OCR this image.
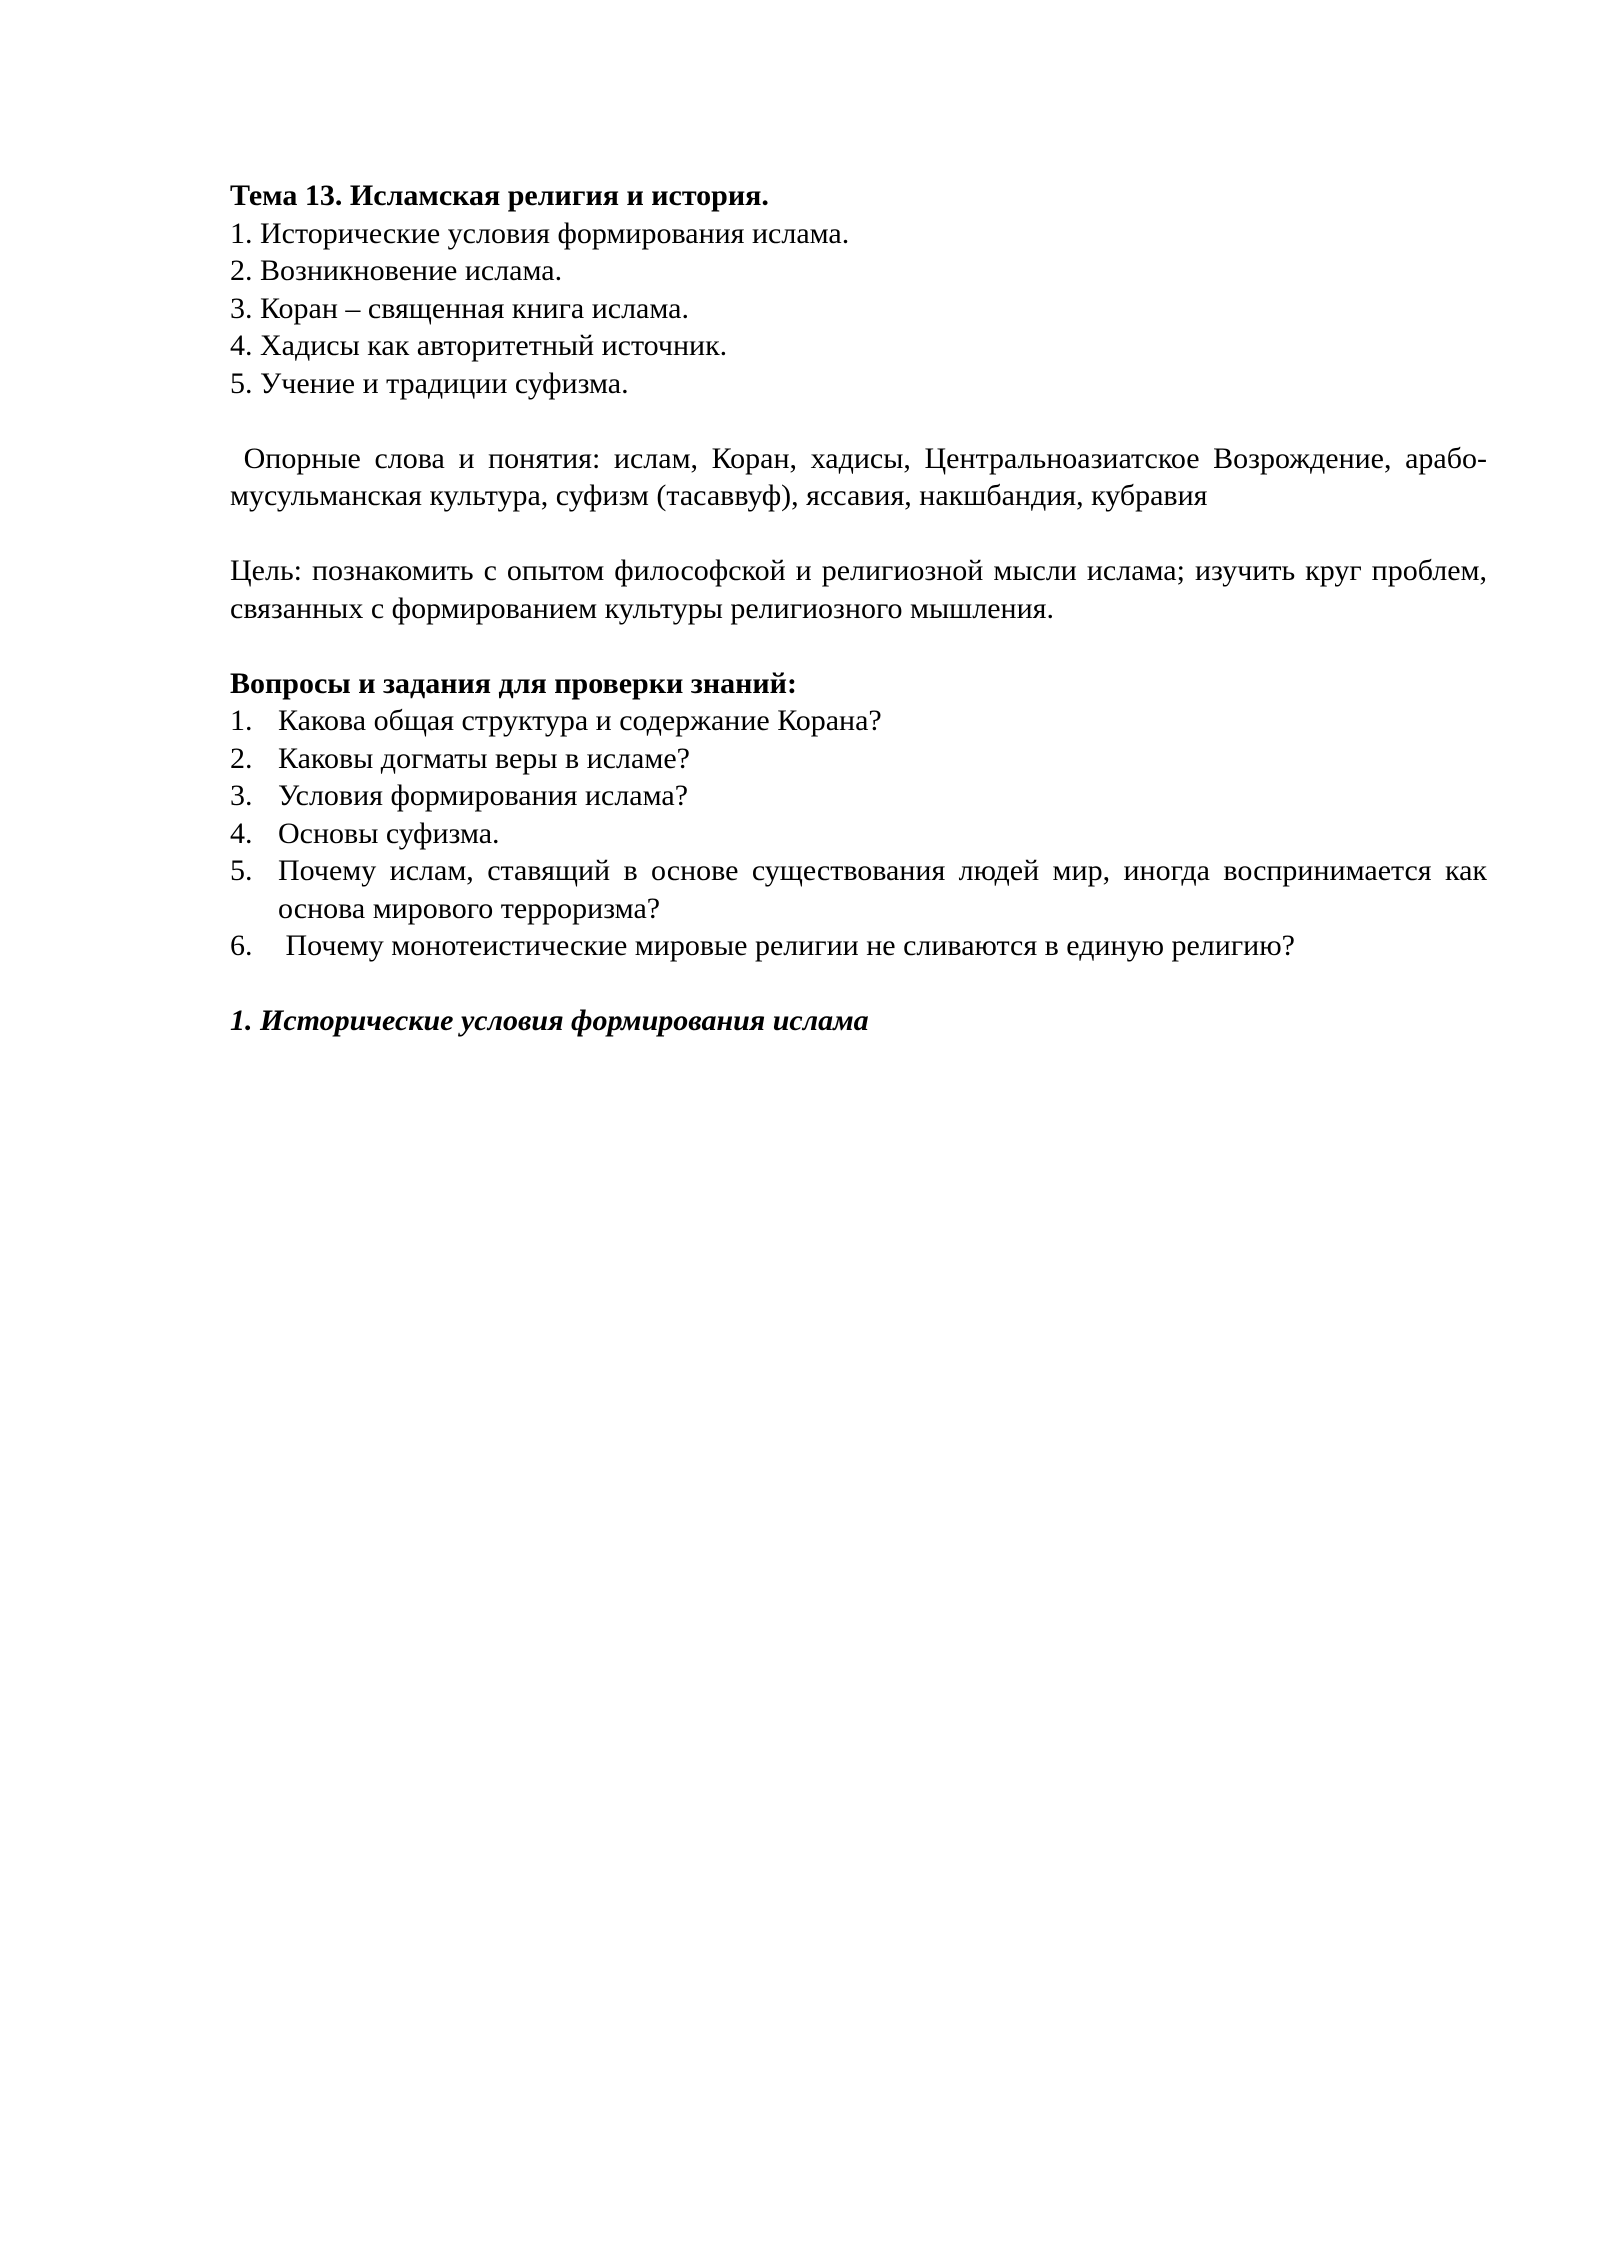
Тема 13. Исламская религия и история.
1. Исторические условия формирования ислама.
2. Возникновение ислама.
3. Коран – священная книга ислама.
4. Хадисы как авторитетный источник.
5. Учение и традиции суфизма.
Опорные слова и понятия: ислам, Коран, хадисы, Центральноазиатское Возрождение, арабо-мусульманская культура, суфизм (тасаввуф), яссавия, накшбандия, кубравия
Цель: познакомить с опытом философской и религиозной мысли ислама; изучить круг проблем, связанных с формированием культуры религиозного мышления.
Вопросы и задания для проверки знаний:
1. Какова общая структура и содержание Корана?
2. Каковы догматы веры в исламе?
3. Условия формирования ислама?
4. Основы суфизма.
5. Почему ислам, ставящий в основе существования людей мир, иногда воспринимается как основа мирового терроризма?
6. Почему монотеистические мировые религии не сливаются в единую религию?
1. Исторические условия формирования ислама
